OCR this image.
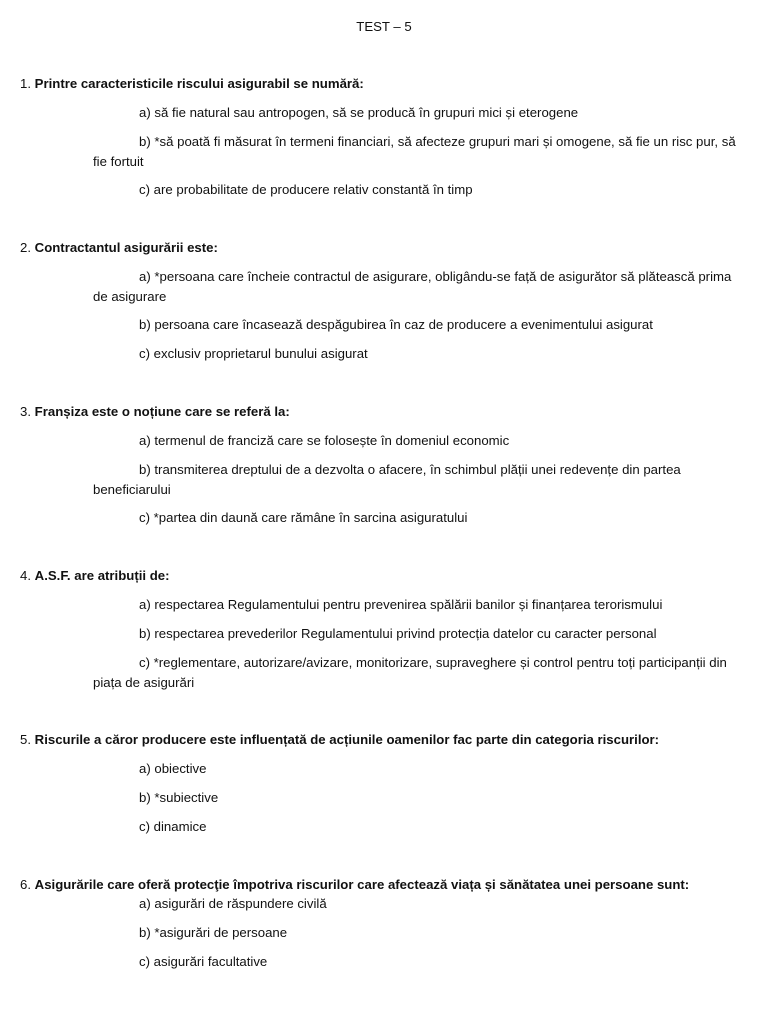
TEST – 5
1. Printre caracteristicile riscului asigurabil se numără:
a) să fie natural sau antropogen, să se producă în grupuri mici și eterogene
b) *să poată fi măsurat în termeni financiari, să afecteze grupuri mari și omogene, să fie un risc pur, să fie fortuit
c) are probabilitate de producere relativ constantă în timp
2. Contractantul asigurării este:
a) *persoana care încheie contractul de asigurare, obligându-se față de asigurător să plătească prima de asigurare
b) persoana care încasează despăgubirea în caz de producere a evenimentului asigurat
c) exclusiv proprietarul bunului asigurat
3. Franșiza este o noțiune care se referă la:
a) termenul de franciză care se folosește în domeniul economic
b) transmiterea dreptului de a dezvolta o afacere, în schimbul plății unei redevențe din partea beneficiarului
c) *partea din daună care rămâne în sarcina asiguratului
4. A.S.F. are atribuții de:
a) respectarea Regulamentului pentru prevenirea spălării banilor și finanțarea terorismului
b) respectarea prevederilor Regulamentului privind protecția datelor cu caracter personal
c) *reglementare, autorizare/avizare, monitorizare, supraveghere și control pentru toți participanții din piața de asigurări
5. Riscurile a căror producere este influențată de acțiunile oamenilor fac parte din categoria riscurilor:
a) obiective
b) *subiective
c) dinamice
6. Asigurările care oferă protecţie împotriva riscurilor care afectează viața și sănătatea unei persoane sunt:
a) asigurări de răspundere civilă
b) *asigurări de persoane
c) asigurări facultative
